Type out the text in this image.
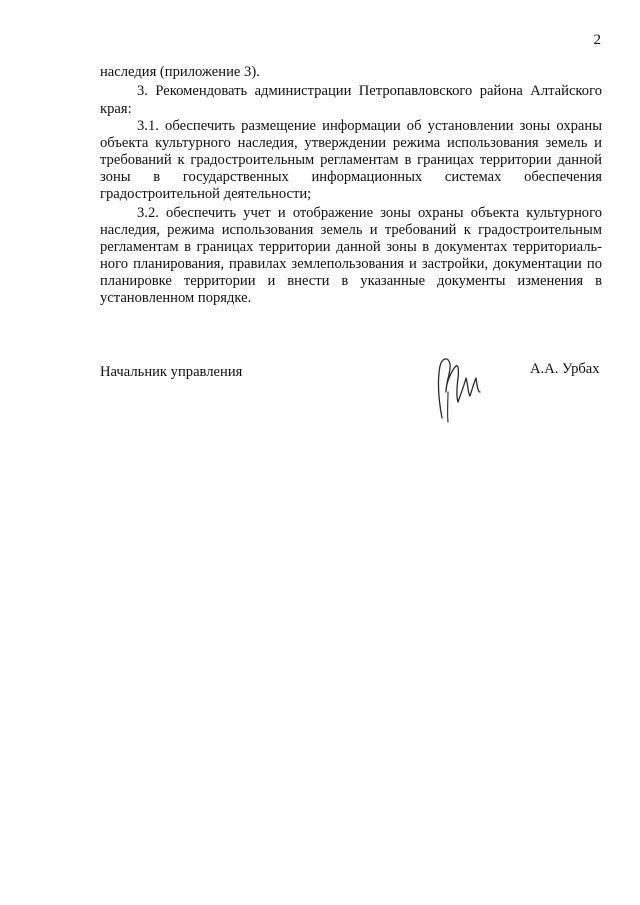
2
наследия (приложение 3).
3. Рекомендовать администрации Петропавловского района Алтайского
края:
3.1. обеспечить размещение информации об установлении зоны охраны
объекта культурного наследия, утверждении режима использования земель и
требований к градостроительным регламентам в границах территории данной
зоны в государственных информационных системах обеспечения
градостроительной деятельности;
3.2. обеспечить учет и отображение зоны охраны объекта культурного
наследия, режима использования земель и требований к градостроительным
регламентам в границах территории данной зоны в документах территориаль-
ного планирования, правилах землепользования и застройки, документации по
планировке территории и внести в указанные документы изменения в
установленном порядке.
Начальник управления	А.А. Урбах
